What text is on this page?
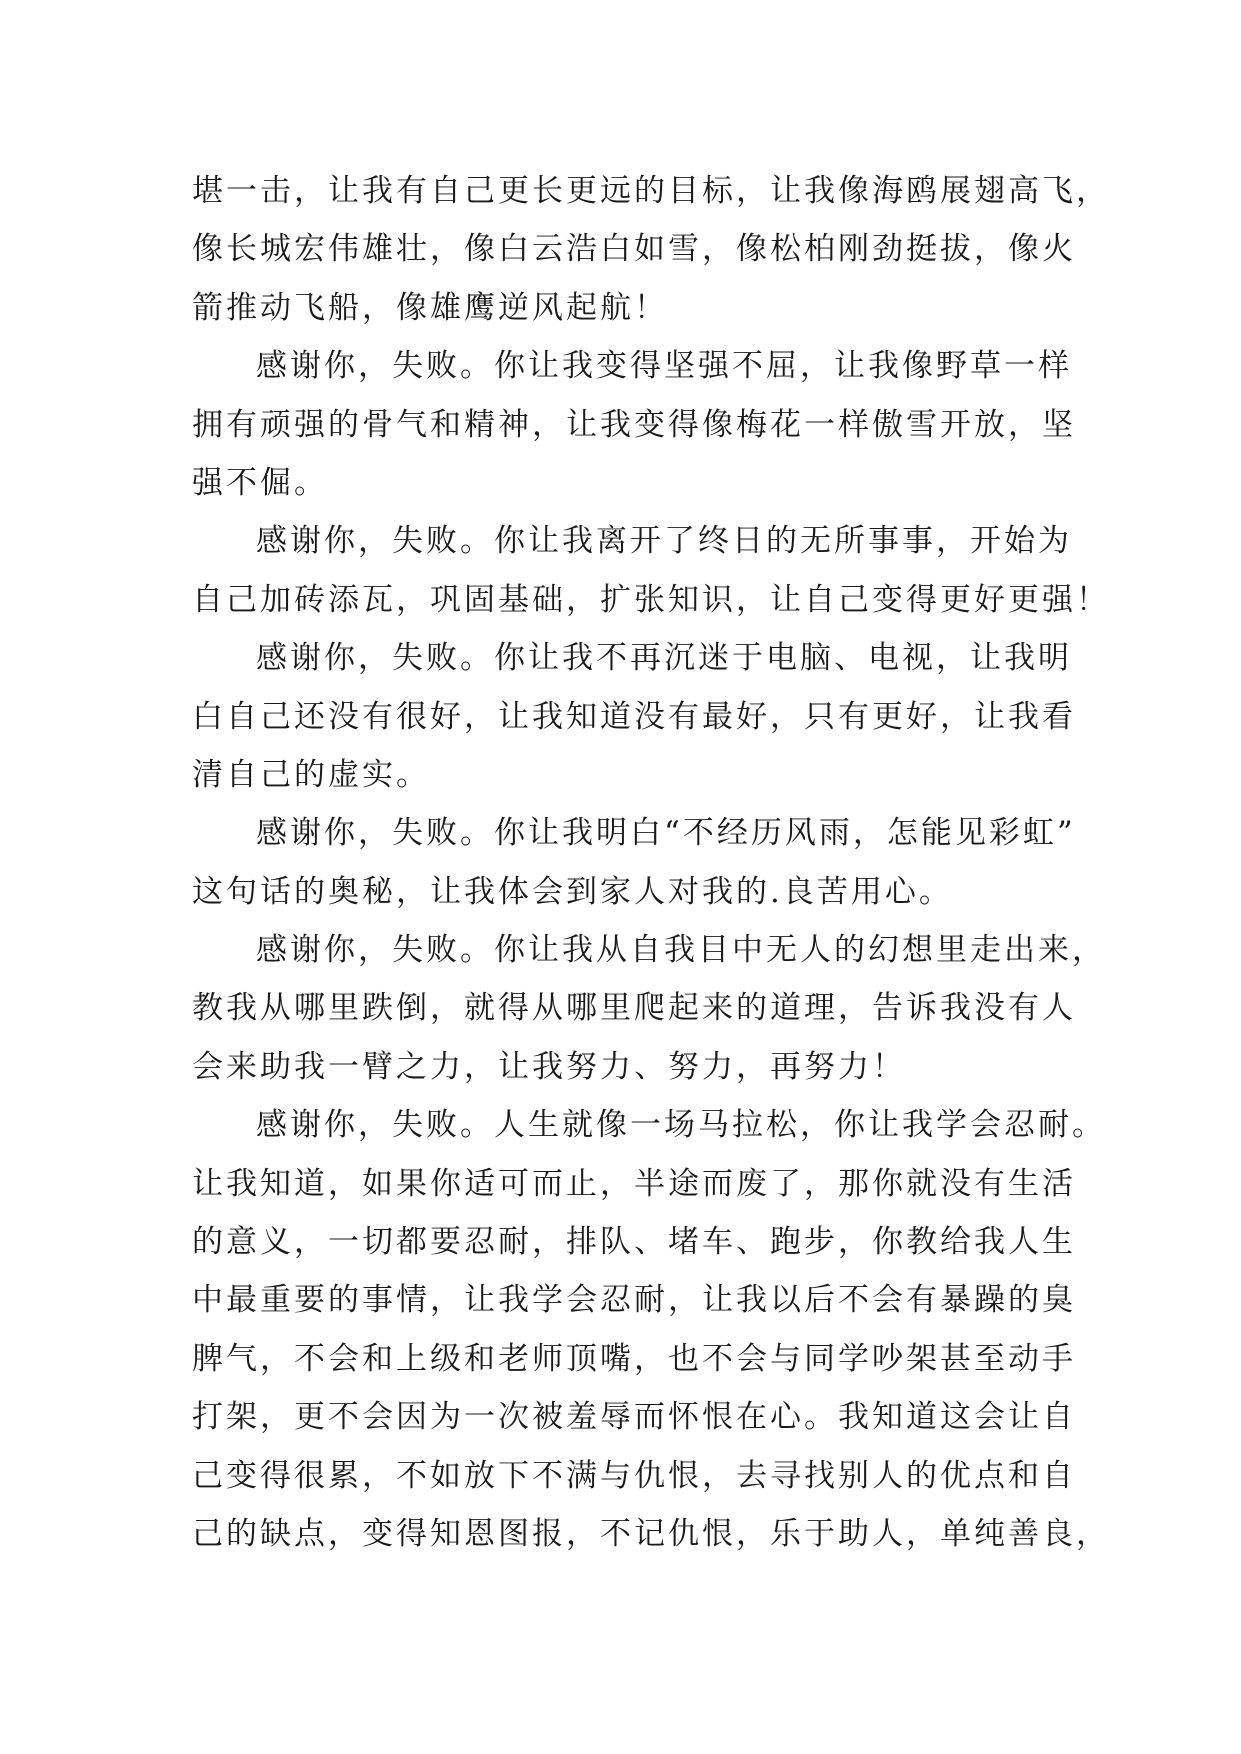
堪一击，让我有自己更长更远的目标，让我像海鸥展翅高飞，
像长城宏伟雄壮，像白云浩白如雪，像松柏刚劲挺拔，像火
箭推动飞船，像雄鹰逆风起航！

感谢你，失败。你让我变得坚强不屈，让我像野草一样
拥有顽强的骨气和精神，让我变得像梅花一样傲雪开放，坚
强不倔。

感谢你，失败。你让我离开了终日的无所事事，开始为
自己加砖添瓦，巩固基础，扩张知识，让自己变得更好更强！

感谢你，失败。你让我不再沉迷于电脑、电视，让我明
白自己还没有很好，让我知道没有最好，只有更好，让我看
清自己的虚实。

感谢你，失败。你让我明白“不经历风雨，怎能见彩虹”
这句话的奥秘，让我体会到家人对我的.良苦用心。

感谢你，失败。你让我从自我目中无人的幻想里走出来，
教我从哪里跌倒，就得从哪里爬起来的道理，告诉我没有人
会来助我一臂之力，让我努力、努力，再努力！

感谢你，失败。人生就像一场马拉松，你让我学会忍耐。
让我知道，如果你适可而止，半途而废了，那你就没有生活
的意义，一切都要忍耐，排队、堵车、跑步，你教给我人生
中最重要的事情，让我学会忍耐，让我以后不会有暴躁的臭
脾气，不会和上级和老师顶嘴，也不会与同学吵架甚至动手
打架，更不会因为一次被羞辱而怀恨在心。我知道这会让自
己变得很累，不如放下不满与仇恨，去寻找别人的优点和自
己的缺点，变得知恩图报，不记仇恨，乐于助人，单纯善良，
